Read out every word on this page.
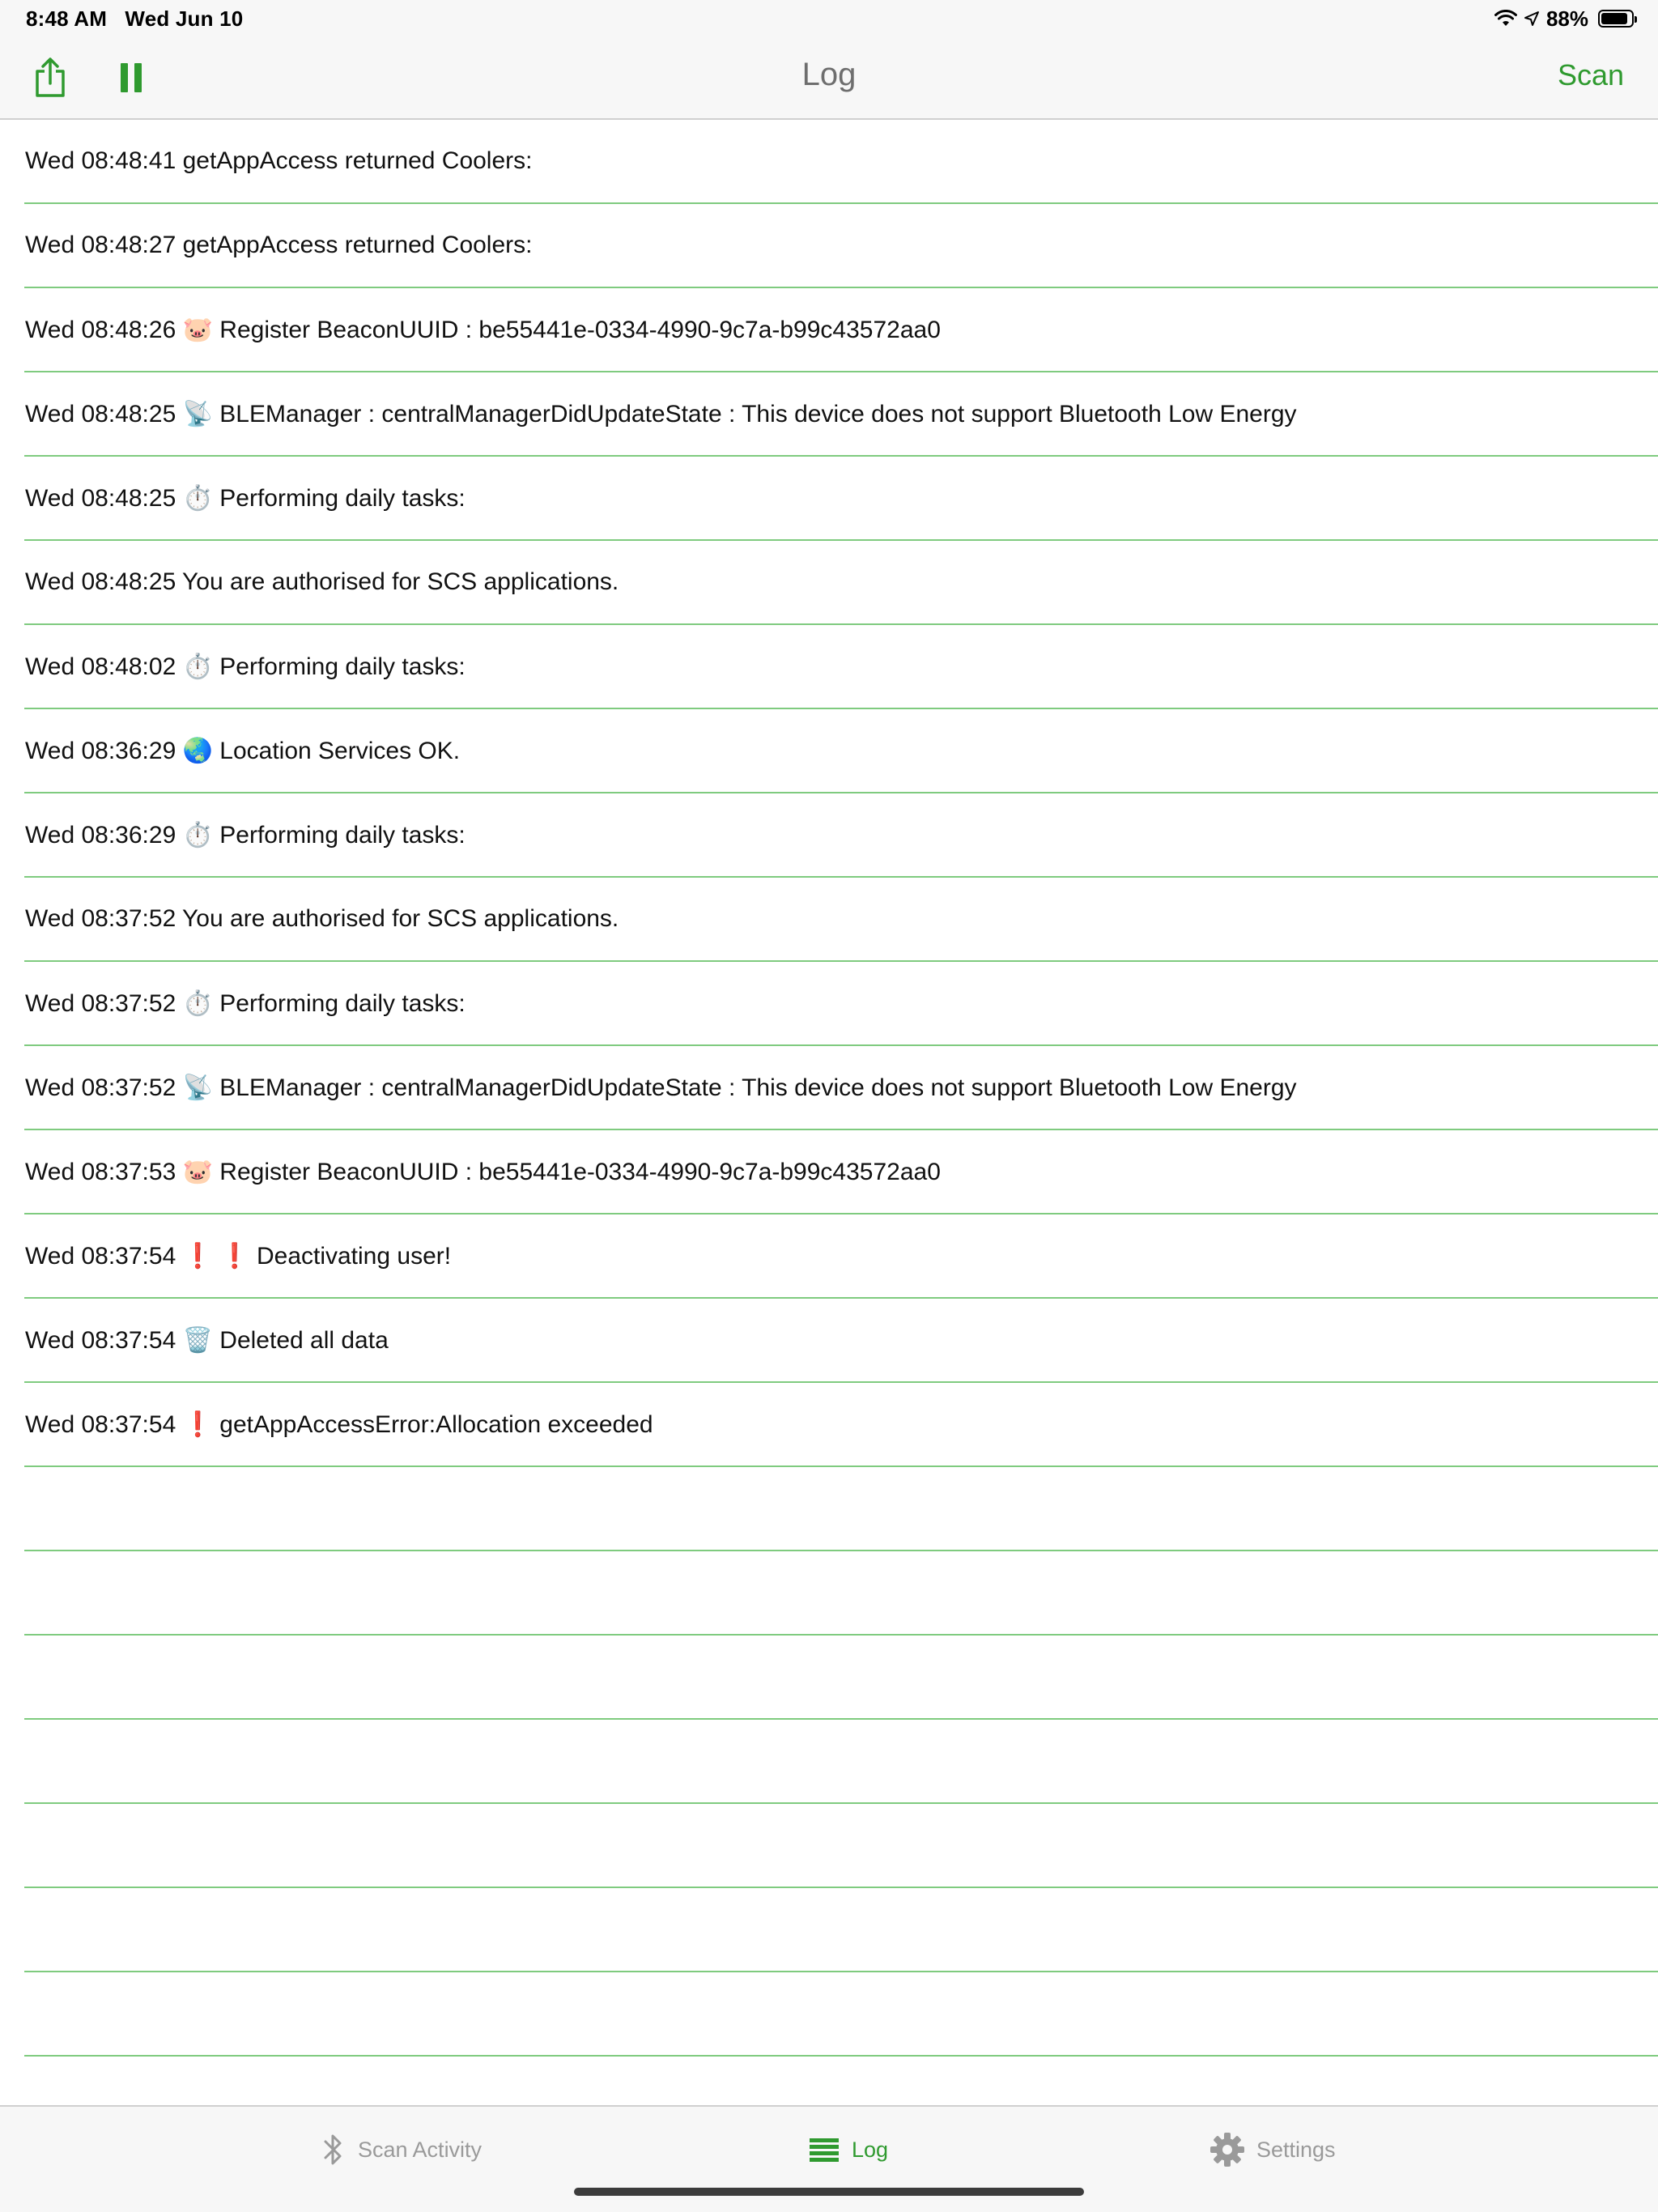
8:48 AM Wed Jun 10	88%
Log	Scan
Wed 08:48:41 getAppAccess returned Coolers:
Wed 08:48:27 getAppAccess returned Coolers:
Wed 08:48:26 🐷 Register BeaconUUID : be55441e-0334-4990-9c7a-b99c43572aa0
Wed 08:48:25 📡 BLEManager : centralManagerDidUpdateState : This device does not support Bluetooth Low Energy
Wed 08:48:25 ⏱️ Performing daily tasks:
Wed 08:48:25 You are authorised for SCS applications.
Wed 08:48:02 ⏱️ Performing daily tasks:
Wed 08:36:29 🌏 Location Services OK.
Wed 08:36:29 ⏱️ Performing daily tasks:
Wed 08:37:52 You are authorised for SCS applications.
Wed 08:37:52 ⏱️ Performing daily tasks:
Wed 08:37:52 📡 BLEManager : centralManagerDidUpdateState : This device does not support Bluetooth Low Energy
Wed 08:37:53 🐷 Register BeaconUUID : be55441e-0334-4990-9c7a-b99c43572aa0
Wed 08:37:54 ❗ ❗ Deactivating user!
Wed 08:37:54 🗑️ Deleted all data
Wed 08:37:54 ❗ getAppAccessError:Allocation exceeded
Scan Activity	Log	Settings
